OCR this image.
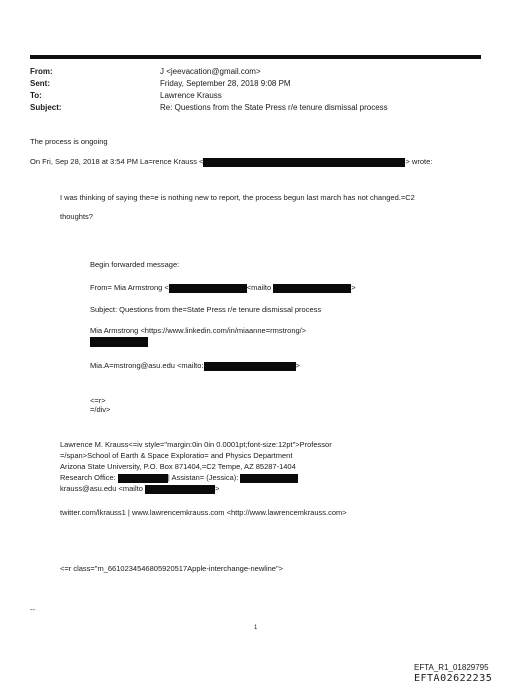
From:	J <jeevacation@gmail.com>
Sent:	Friday, September 28, 2018 9:08 PM
To:	Lawrence Krauss
Subject:	Re: Questions from the State Press r/e tenure dismissal process
The process is ongoing
On Fri, Sep 28, 2018 at 3:54 PM La=rence Krauss <	> wrote:
I was thinking of saying the=e is nothing new to report, the process begun last march has not changed.=C2
thoughts?
Begin forwarded message:
From= Mia Armstrong <	<mailto	>
Subject: Questions from the=State Press r/e tenure dismissal process
Mia Armstrong <https://www.linkedin.com/in/miaanne=rmstrong/>
Mia.A=mstrong@asu.edu <mailto:	>
<=r>
=/div>
Lawrence M. Krauss<=iv style="margin:0in 0in 0.0001pt;font-size:12pt">Professor
=/span>School of Earth & Space Exploratio= and Physics Department
Arizona State University, P.O. Box 871404,=C2 Tempe, AZ 85287-1404
Research Office:	| Assistan= (Jessica):
krauss@asu.edu <mailto	>
twitter.com/lkrauss1 | www.lawrencemkrauss.com <http://www.lawrencemkrauss.com>
<=r class="m_6610234546805920517Apple-interchange-newline">
--
1
EFTA_R1_01829795
EFTA02622235
